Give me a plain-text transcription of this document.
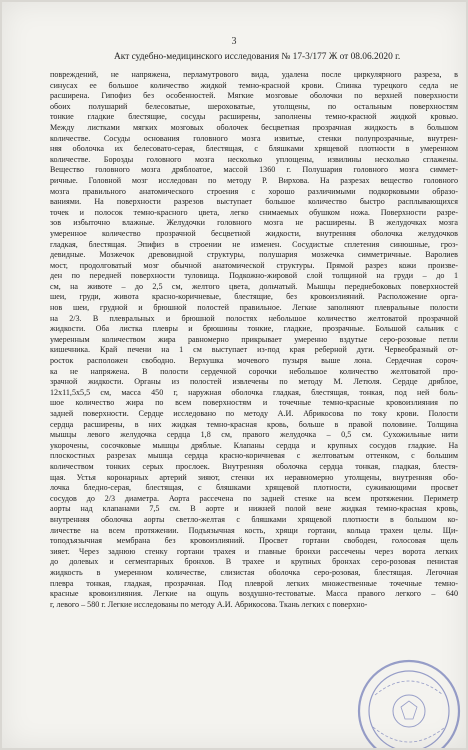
3
Акт судебно-медицинского исследования № 17-3/177 Ж от 08.06.2020 г.
повреждений, не напряжена, перламутрового вида, удалена после циркулярного разреза, в
синусах ее большое количество жидкой темно-красной крови. Спинка турецкого седла не
расширена. Гипофиз без особенностей. Мягкие мозговые оболочки по верхней поверхности
обоих полушарий белесоватые, шероховатые, утолщены, по остальным поверхностям
тонкие гладкие блестящие, сосуды расширены, заполнены темно-красной жидкой кровью.
Между листками мягких мозговых оболочек бесцветная прозрачная жидкость в большом
количестве. Сосуды основания головного мозга извитые, стенки полупрозрачные, внутрен-
няя оболочка их белесовато-серая, блестящая, с бляшками хрящевой плотности в умеренном
количестве. Борозды головного мозга несколько уплощены, извилины несколько сглажены.
Вещество головного мозга дряблоатое, массой 1360 г. Полушария головного мозга симмет-
ричные. Головной мозг исследован по методу Р. Вирхова. На разрезах вещество головного
мозга правильного анатомического строения с хорошо различимыми подкорковыми образо-
ваниями. На поверхности разрезов выступает большое количество быстро расплывающихся
точек и полосок темно-красного цвета, легко снимаемых обушком ножа. Поверхности разре-
зов избыточно влажные. Желудочки головного мозга не расширены. В желудочках мозга
умеренное количество прозрачной бесцветной жидкости, внутренняя оболочка желудочков
гладкая, блестящая. Эпифиз в строении не изменен. Сосудистые сплетения синюшные, гроз-
девидные. Мозжечок древовидной структуры, полушария мозжечка симметричные. Варолиев
мост, продолговатый мозг обычной анатомической структуры. Прямой разрез кожи произве-
ден по передней поверхности туловища. Подкожно-жировой слой толщиной на груди – до 1
см, на животе – до 2,5 см, желтого цвета, дольчатый. Мышцы переднебоковых поверхностей
шеи, груди, живота красно-коричневые, блестящие, без кровоизлияний. Расположение орга-
нов шеи, грудной и брюшной полостей правильное. Легкие заполняют плевральные полости
на 2/3. В плевральных и брюшной полостях небольшое количество желтоватой прозрачной
жидкости. Оба листка плевры и брюшины тонкие, гладкие, прозрачные. Большой сальник с
умеренным количеством жира равномерно прикрывает умеренно вздутые серо-розовые петли
кишечника. Край печени на 1 см выступает из-под края реберной дуги. Червеобразный от-
росток расположен свободно. Верхушка мочевого пузыря выше лона. Сердечная сороч-
ка не напряжена. В полости сердечной сорочки небольшое количество желтоватой про-
зрачной жидкости. Органы из полостей извлечены по методу М. Летюля. Сердце дряблое,
12х11,5х5,5 см, масса 450 г, наружная оболочка гладкая, блестящая, тонкая, под ней боль-
шое количество жира по всем поверхностям и точечные темно-красные кровоизлияния по
задней поверхности. Сердце исследовано по методу А.И. Абрикосова по току крови. Полости
сердца расширены, в них жидкая темно-красная кровь, больше в правой половине. Толщина
мышцы левого желудочка сердца 1,8 см, правого желудочка – 0,5 см. Сухожильные нити
укорочены, сосочковые мышцы дряблые. Клапаны сердца и крупных сосудов гладкие. На
плоскостных разрезах мышца сердца красно-коричневая с желтоватым оттенком, с большим
количеством тонких серых прослоек. Внутренняя оболочка сердца тонкая, гладкая, блестя-
щая. Устья коронарных артерий зияют, стенки их неравномерно утолщены, внутренняя обо-
лочка бледно-серая, блестящая, с бляшками хрящевой плотности, суживающими просвет
сосудов до 2/3 диаметра. Аорта рассечена по задней стенке на всем протяжении. Периметр
аорты над клапанами 7,5 см. В аорте и нижней полой вене жидкая темно-красная кровь,
внутренняя оболочка аорты светло-желтая с бляшками хрящевой плотности в большом ко-
личестве на всем протяжении. Подъязычная кость, хрящи гортани, кольца трахеи целы. Щи-
топодъязычная мембрана без кровоизлияний. Просвет гортани свободен, голосовая щель
зияет. Через заднюю стенку гортани трахея и главные бронхи рассечены через ворота легких
до долевых и сегментарных бронхов. В трахее и крупных бронхах серо-розовая пенистая
жидкость в умеренном количестве, слизистая оболочка серо-розовая, блестящая. Легочная
плевра тонкая, гладкая, прозрачная. Под плеврой легких множественные точечные темно-
красные кровоизлияния. Легкие на ощупь воздушно-тестоватые. Масса правого легкого – 640
г, левого – 580 г. Легкие исследованы по методу А.И. Абрикосова. Ткань легких с поверхно-
